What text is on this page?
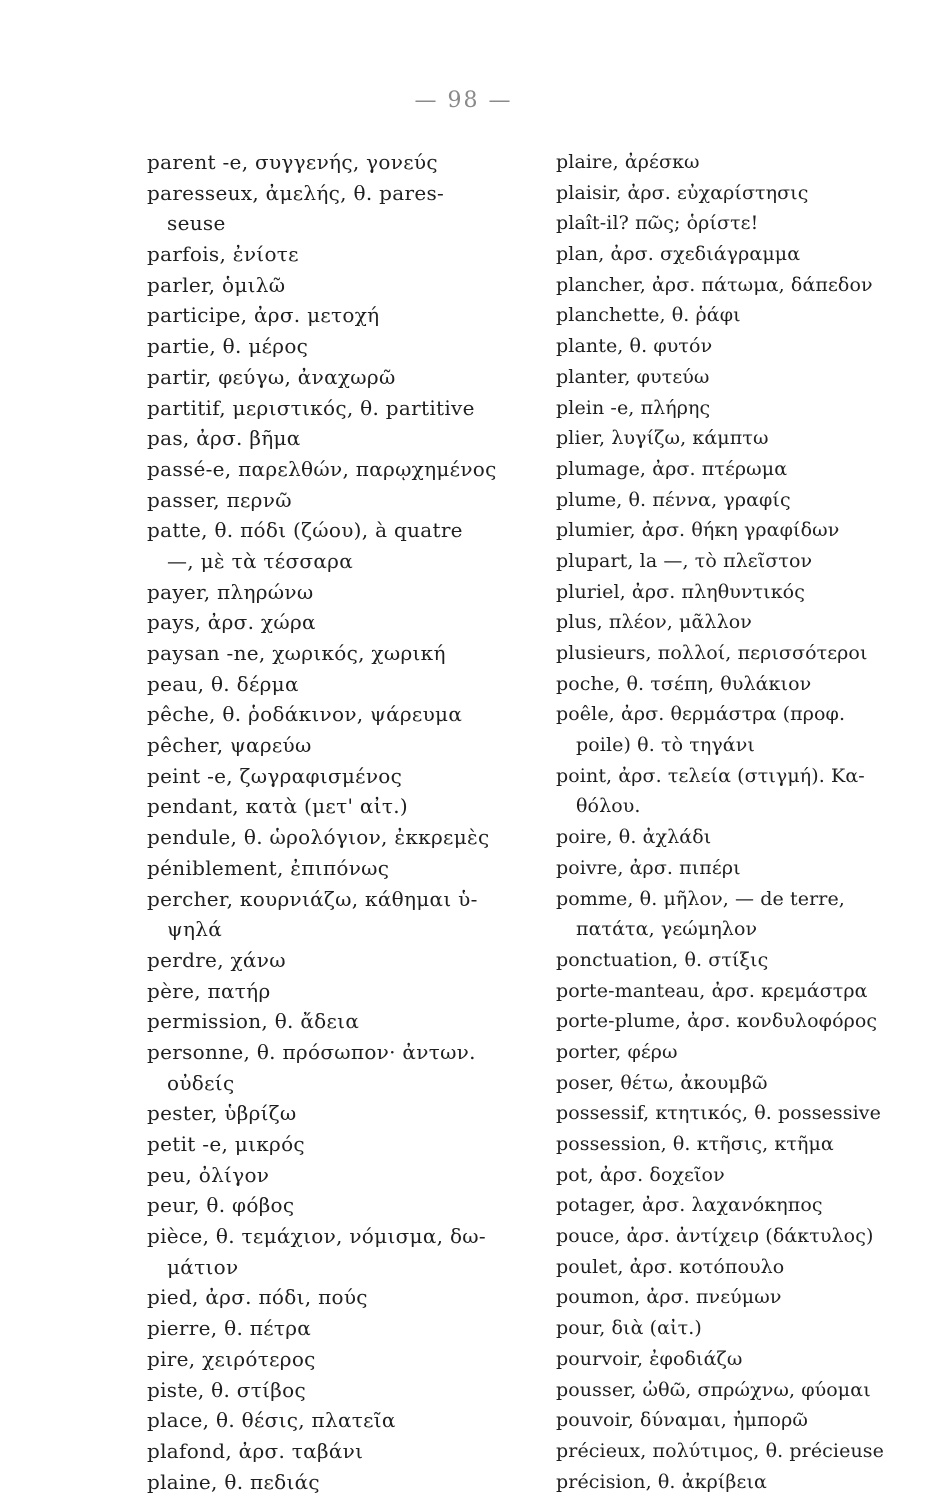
— 98 —
parent -e, συγγενής, γονεύς
paresseux, ἀμελής, θ. pares-
seuse
parfois, ἐνίοτε
parler, ὁμιλῶ
participe, ἀρσ. μετοχή
partie, θ. μέρος
partir, φεύγω, ἀναχωρῶ
partitif, μεριστικός, θ. partitive
pas, ἀρσ. βῆμα
passé-e, παρελθών, παρῳχημένος
passer, περνῶ
patte, θ. πόδι (ζώου), à quatre
—, μὲ τὰ τέσσαρα
payer, πληρώνω
pays, ἀρσ. χώρα
paysan -ne, χωρικός, χωρική
peau, θ. δέρμα
pêche, θ. ῥοδάκινον, ψάρευμα
pêcher, ψαρεύω
peint -e, ζωγραφισμένος
pendant, κατὰ (μετ' αἰτ.)
pendule, θ. ὡρολόγιον, ἐκκρεμὲς
péniblement, ἐπιπόνως
percher, κουρνιάζω, κάθημαι ὑ-
ψηλά
perdre, χάνω
père, πατήρ
permission, θ. ἄδεια
personne, θ. πρόσωπον· ἀντων.
οὐδείς
pester, ὑβρίζω
petit -e, μικρός
peu, ὀλίγον
peur, θ. φόβος
pièce, θ. τεμάχιον, νόμισμα, δω-
μάτιον
pied, ἀρσ. πόδι, πούς
pierre, θ. πέτρα
pire, χειρότερος
piste, θ. στίβος
place, θ. θέσις, πλατεῖα
plafond, ἀρσ. ταβάνι
plaine, θ. πεδιάς
plaire, ἀρέσκω
plaisir, ἀρσ. εὐχαρίστησις
plaît-il? πῶς; ὁρίστε!
plan, ἀρσ. σχεδιάγραμμα
plancher, ἀρσ. πάτωμα, δάπεδον
planchette, θ. ῥάφι
plante, θ. φυτόν
planter, φυτεύω
plein -e, πλήρης
plier, λυγίζω, κάμπτω
plumage, ἀρσ. πτέρωμα
plume, θ. πέννα, γραφίς
plumier, ἀρσ. θήκη γραφίδων
plupart, la —, τὸ πλεῖστον
pluriel, ἀρσ. πληθυντικός
plus, πλέον, μᾶλλον
plusieurs, πολλοί, περισσότεροι
poche, θ. τσέπη, θυλάκιον
poêle, ἀρσ. θερμάστρα (προφ.
poile) θ. τὸ τηγάνι
point, ἀρσ. τελεία (στιγμή). Κα-
θόλου.
poire, θ. ἀχλάδι
poivre, ἀρσ. πιπέρι
pomme, θ. μῆλον, — de terre,
πατάτα, γεώμηλον
ponctuation, θ. στίξις
porte-manteau, ἀρσ. κρεμάστρα
porte-plume, ἀρσ. κονδυλοφόρος
porter, φέρω
poser, θέτω, ἀκουμβῶ
possessif, κτητικός, θ. possessive
possession, θ. κτῆσις, κτῆμα
pot, ἀρσ. δοχεῖον
potager, ἀρσ. λαχανόκηπος
pouce, ἀρσ. ἀντίχειρ (δάκτυλος)
poulet, ἀρσ. κοτόπουλο
poumon, ἀρσ. πνεύμων
pour, διὰ (αἰτ.)
pourvoir, ἐφοδιάζω
pousser, ὠθῶ, σπρώχνω, φύομαι
pouvoir, δύναμαι, ἠμπορῶ
précieux, πολύτιμος, θ. précieuse
précision, θ. ἀκρίβεια
